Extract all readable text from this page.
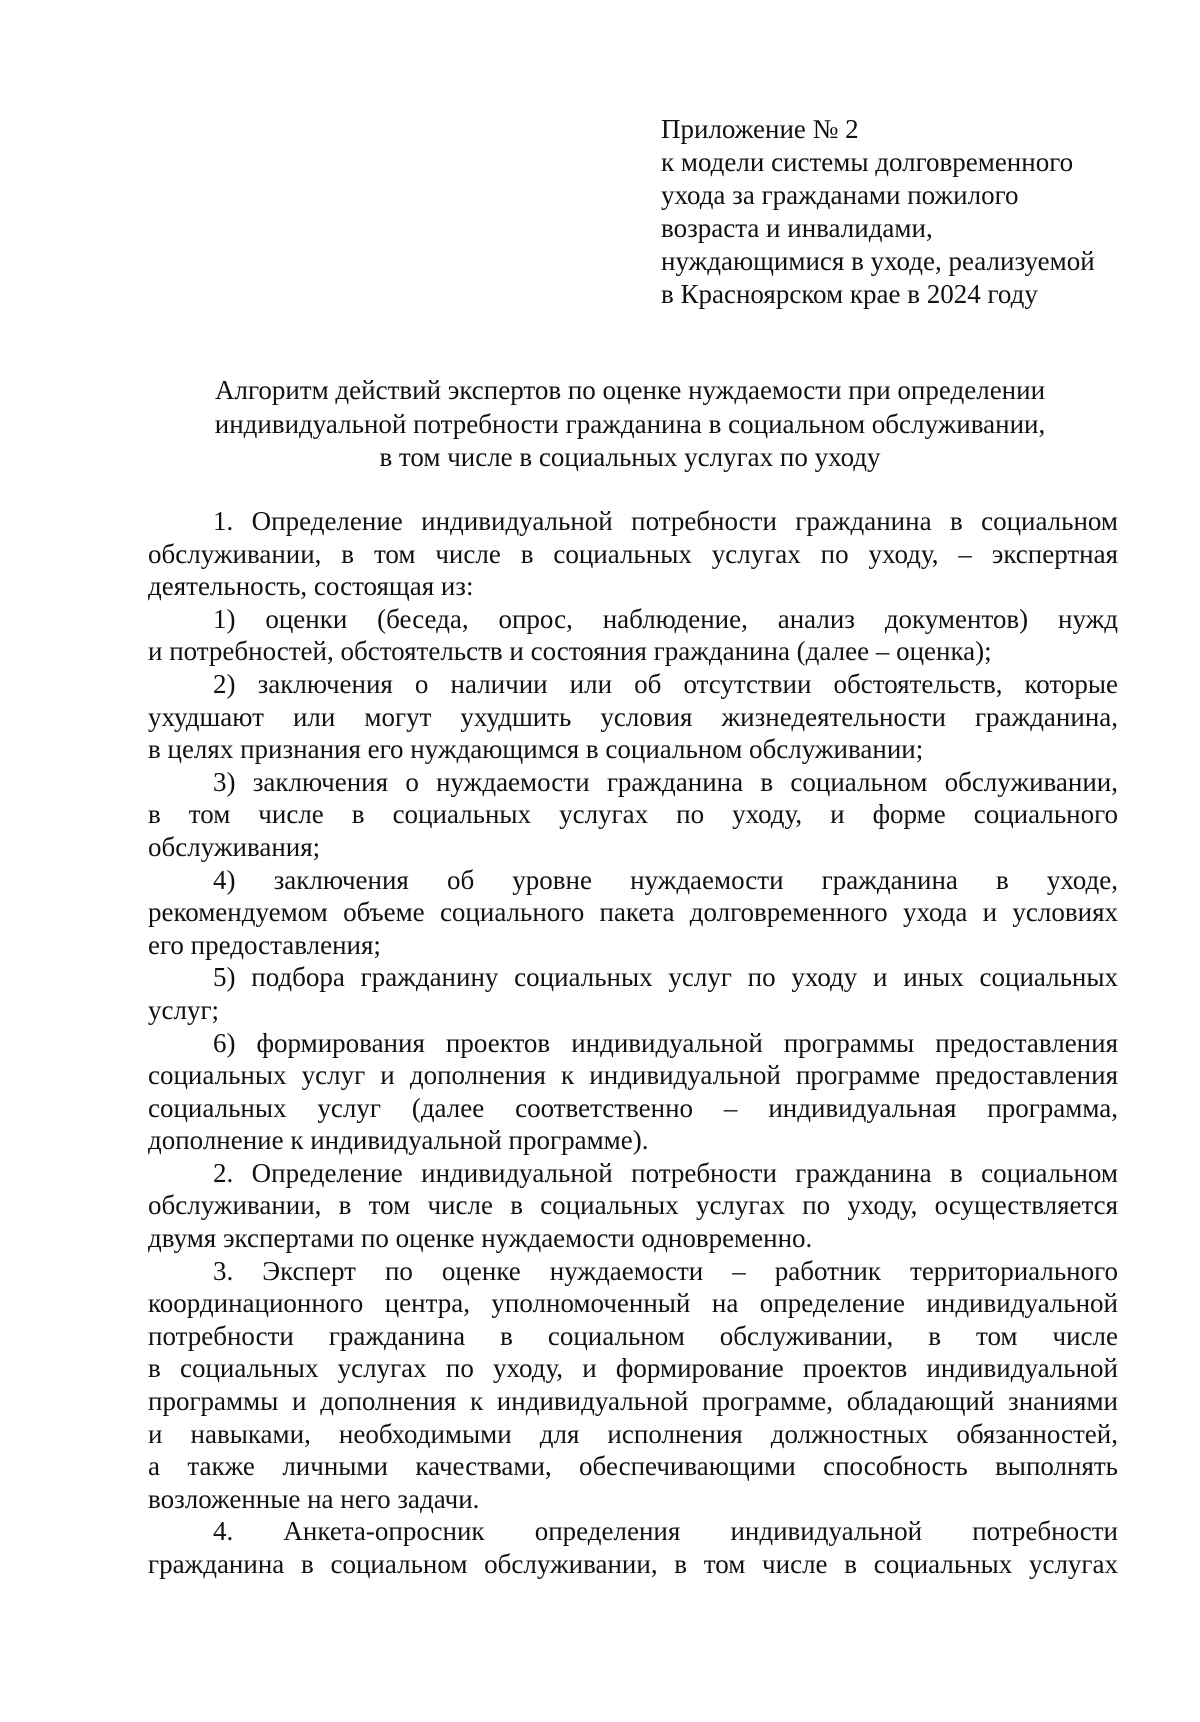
Приложение № 2
к модели системы долговременного
ухода за гражданами пожилого
возраста и инвалидами,
нуждающимися в уходе, реализуемой
в Красноярском крае в 2024 году
Алгоритм действий экспертов по оценке нуждаемости при определении
индивидуальной потребности гражданина в социальном обслуживании,
в том числе в социальных услугах по уходу
1. Определение индивидуальной потребности гражданина в социальном
обслуживании, в том числе в социальных услугах по уходу, – экспертная
деятельность, состоящая из:
1) оценки (беседа, опрос, наблюдение, анализ документов) нужд
и потребностей, обстоятельств и состояния гражданина (далее – оценка);
2) заключения о наличии или об отсутствии обстоятельств, которые
ухудшают или могут ухудшить условия жизнедеятельности гражданина,
в целях признания его нуждающимся в социальном обслуживании;
3) заключения о нуждаемости гражданина в социальном обслуживании,
в том числе в социальных услугах по уходу, и форме социального
обслуживания;
4) заключения об уровне нуждаемости гражданина в уходе,
рекомендуемом объеме социального пакета долговременного ухода и условиях
его предоставления;
5) подбора гражданину социальных услуг по уходу и иных социальных
услуг;
6) формирования проектов индивидуальной программы предоставления
социальных услуг и дополнения к индивидуальной программе предоставления
социальных услуг (далее соответственно – индивидуальная программа,
дополнение к индивидуальной программе).
2. Определение индивидуальной потребности гражданина в социальном
обслуживании, в том числе в социальных услугах по уходу, осуществляется
двумя экспертами по оценке нуждаемости одновременно.
3. Эксперт по оценке нуждаемости – работник территориального
координационного центра, уполномоченный на определение индивидуальной
потребности гражданина в социальном обслуживании, в том числе
в социальных услугах по уходу, и формирование проектов индивидуальной
программы и дополнения к индивидуальной программе, обладающий знаниями
и навыками, необходимыми для исполнения должностных обязанностей,
а также личными качествами, обеспечивающими способность выполнять
возложенные на него задачи.
4. Анкета-опросник определения индивидуальной потребности
гражданина в социальном обслуживании, в том числе в социальных услугах
